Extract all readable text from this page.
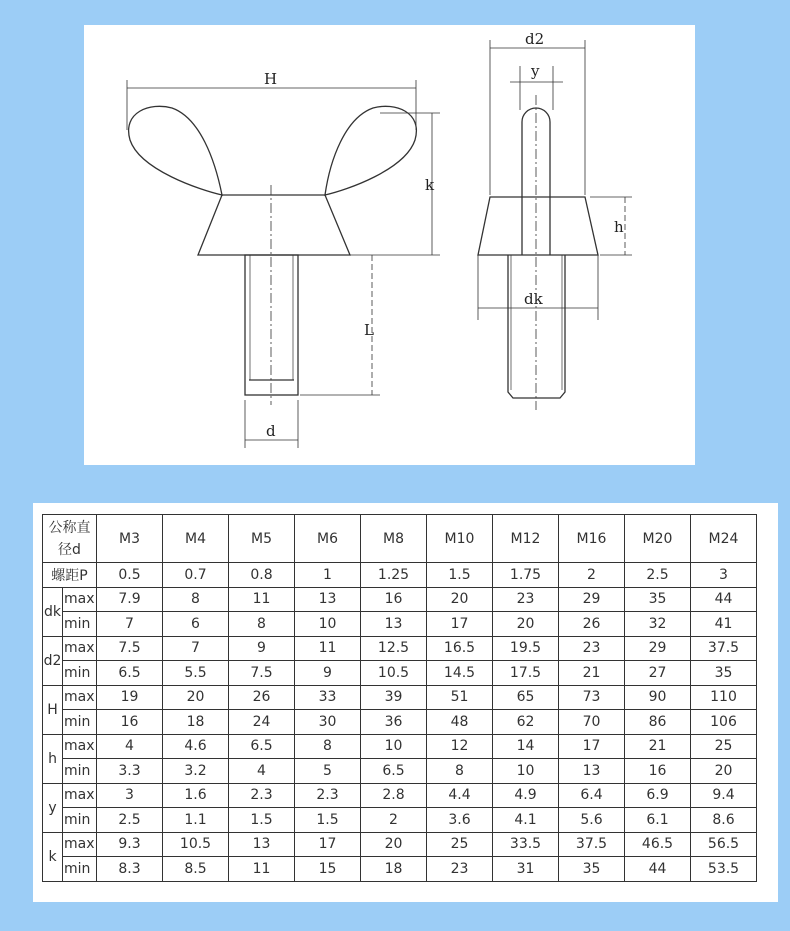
H
k
L
d
d2
y
h
dk
公称直径d		M3	M4	M5	M6	M8	M10	M12	M16	M20	M24
螺距P		0.5	0.7	0.8	1	1.25	1.5	1.75	2	2.5	3
dk	max	7.9	8	11	13	16	20	23	29	35	44
	min	7	6	8	10	13	17	20	26	32	41
d2	max	7.5	7	9	11	12.5	16.5	19.5	23	29	37.5
	min	6.5	5.5	7.5	9	10.5	14.5	17.5	21	27	35
H	max	19	20	26	33	39	51	65	73	90	110
	min	16	18	24	30	36	48	62	70	86	106
h	max	4	4.6	6.5	8	10	12	14	17	21	25
	min	3.3	3.2	4	5	6.5	8	10	13	16	20
y	max	3	1.6	2.3	2.3	2.8	4.4	4.9	6.4	6.9	9.4
	min	2.5	1.1	1.5	1.5	2	3.6	4.1	5.6	6.1	8.6
k	max	9.3	10.5	13	17	20	25	33.5	37.5	46.5	56.5
	min	8.3	8.5	11	15	18	23	31	35	44	53.5
